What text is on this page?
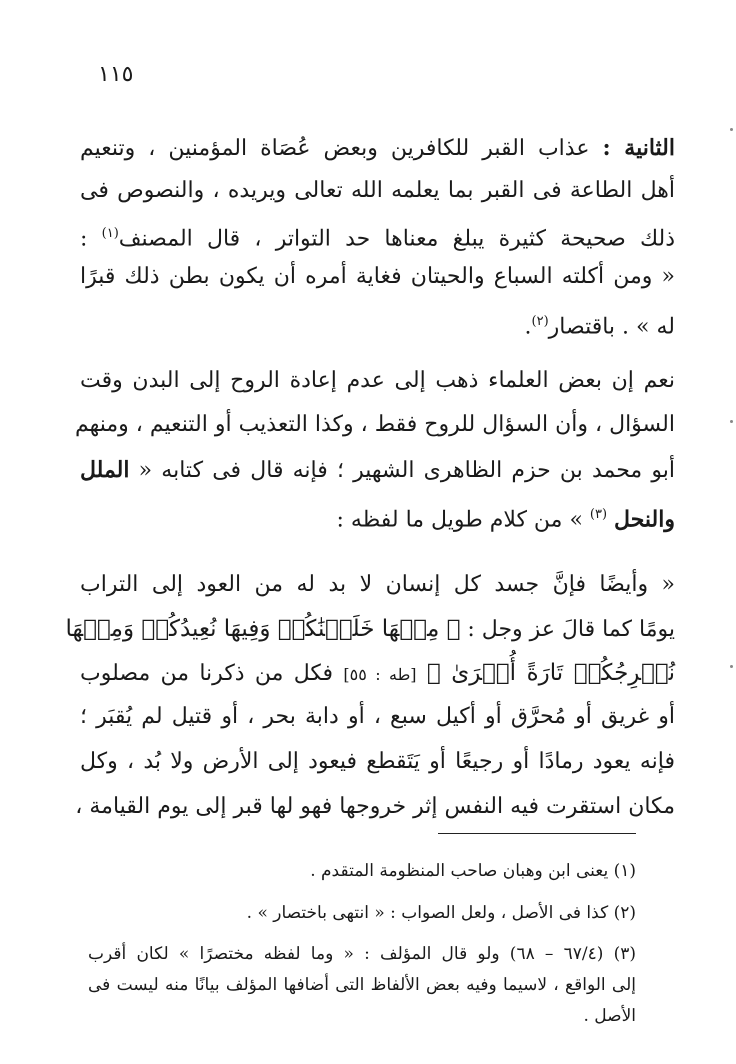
١١٥
الثانية : عذاب القبر للكافرين وبعض عُصَاة المؤمنين ، وتنعيم
أهل الطاعة فى القبر بما يعلمه الله تعالى ويريده ، والنصوص فى
ذلك صحيحة كثيرة يبلغ معناها حد التواتر ، قال المصنف$^{(١)}$ :
« ومن أكلته السباع والحيتان فغاية أمره أن يكون بطن ذلك قبرًا
له » . باقتصار$^{(٢)}$.
نعم إن بعض العلماء ذهب إلى عدم إعادة الروح إلى البدن وقت
السؤال ، وأن السؤال للروح فقط ، وكذا التعذيب أو التنعيم ، ومنهم
أبو محمد بن حزم الظاهرى الشهير ؛ فإنه قال فى كتابه « الملل
والنحل $^{(٣)}$ » من كلام طويل ما لفظه :
« وأيضًا فإنَّ جسد كل إنسان لا بد له من العود إلى التراب
يومًا كما قالَ عز وجل : ﴿ مِنۡهَا خَلَقۡنَٰكُمۡ وَفِيهَا نُعِيدُكُمۡ وَمِنۡهَا
نُخۡرِجُكُمۡ تَارَةً أُخۡرَىٰ ﴾ [طه : ٥٥] فكل من ذكرنا من مصلوب
أو غريق أو مُحرَّق أو أكيل سبع ، أو دابة بحر ، أو قتيل لم يُقبَر ؛
فإنه يعود رمادًا أو رجيعًا أو يَتَقطع فيعود إلى الأرض ولا بُد ، وكل
مكان استقرت فيه النفس إثر خروجها فهو لها قبر إلى يوم القيامة ،
(١) يعنى ابن وهبان صاحب المنظومة المتقدم .
(٢) كذا فى الأصل ، ولعل الصواب : « انتهى باختصار » .
(٣) (٦٧/٤ – ٦٨) ولو قال المؤلف : « وما لفظه مختصرًا » لكان أقرب
إلى الواقع ، لاسيما وفيه بعض الألفاظ التى أضافها المؤلف بيانًا منه ليست فى
الأصل .
